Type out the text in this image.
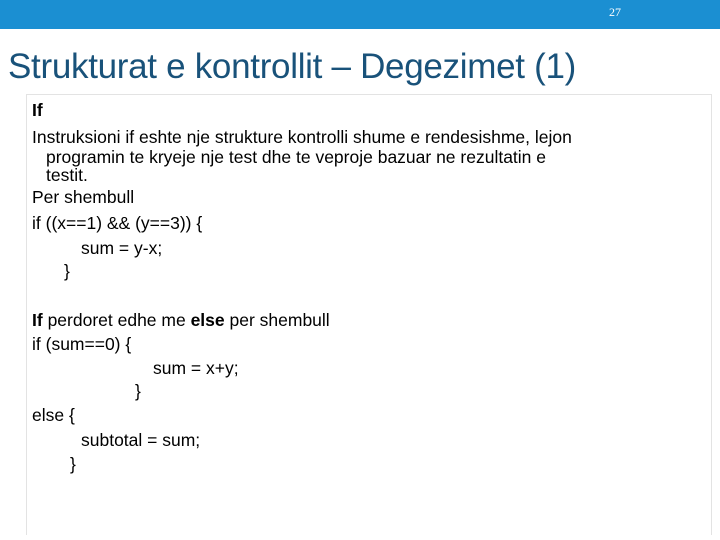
27
Strukturat e kontrollit – Degezimet (1)
If
Instruksioni if eshte nje strukture kontrolli shume e rendesishme, lejon
programin te kryeje nje test dhe te veproje bazuar ne rezultatin e
testit.
Per shembull
if ((x==1) && (y==3)) {
sum = y-x;
}
If perdoret edhe me else per shembull
if (sum==0) {
sum = x+y;
}
else {
subtotal = sum;
}
